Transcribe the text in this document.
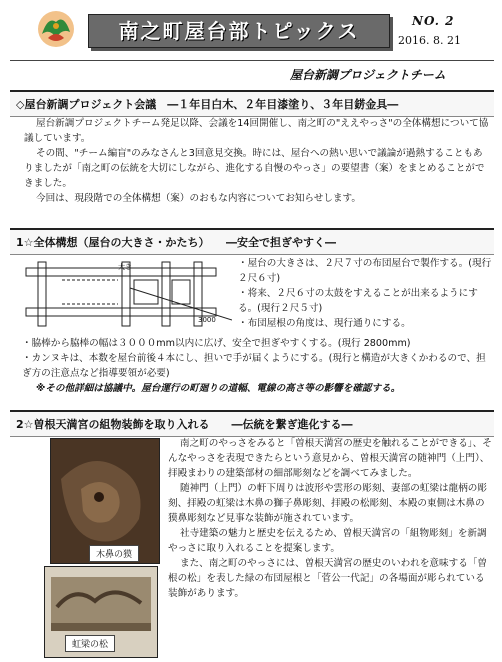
南之町屋台部トピックス	NO. 2
2016. 8. 21
屋台新調プロジェクトチーム
◇屋台新調プロジェクト会議　―１年目白木、２年目漆塗り、３年目錺金具―

屋台新調プロジェクトチーム発足以降、会議を14回開催し、南之町の"ええやっさ"の全体構想について協議しています。

その間、"チーム編盲"のみなさんと3回意見交換。時には、屋台への熱い思いで議論が過熱することもありましたが「南之町の伝統を大切にしながら、進化する自慢のやっさ」の要望書（案）をまとめることができました。

今回は、現段階での全体構想（案）のおもな内容についてお知らせします。

1☆全体構想（屋台の大きさ・かたち）　　―安全で担ぎやすく―
大き
3000

・屋台の大きさは、２尺７寸の布団屋台で製作する。(現行２尺６寸)

・将来、２尺６寸の太鼓をすえることが出来るようにする。(現行２尺５寸)

・布団屋根の角度は、現行通りにする。

・脇棒から脇棒の幅は３０００mm以内に広げ、安全で担ぎやすくする。(現行 2800mm)

・カンヌキは、本数を屋台前後４本にし、担いで手が届くようにする。(現行と構造が大きくかわるので、担ぎ方の注意点など指導要領が必要)

※その他詳細は協議中。屋台運行の町廻りの道幅、電線の高さ等の影響を確認する。

2☆曽根天満宮の組物装飾を取り入れる　　―伝統を繋ぎ進化する―
木鼻の獏
虹梁の松

南之町のやっさをみると「曽根天満宮の歴史を触れることができる」、そんなやっさを表現できたらという意見から、曽根天満宮の随神門（上門）、拝殿まわりの建築部材の細部彫刻などを調べてみました。

随神門（上門）の軒下周りは波形や雲形の彫刻、妻部の虹梁は龍柄の彫刻、拝殿の虹梁は木鼻の獅子鼻彫刻、拝殿の松彫刻、本殿の東側は木鼻の獏鼻彫刻など見事な装飾が施されています。

社寺建築の魅力と歴史を伝えるため、曽根天満宮の「組物彫刻」を新調やっさに取り入れることを提案します。

また、南之町のやっさには、曽根天満宮の歴史のいわれを意味する「曽根の松」を表した緑の布団屋根と「菅公一代記」の各場面が彫られている装飾があります。
